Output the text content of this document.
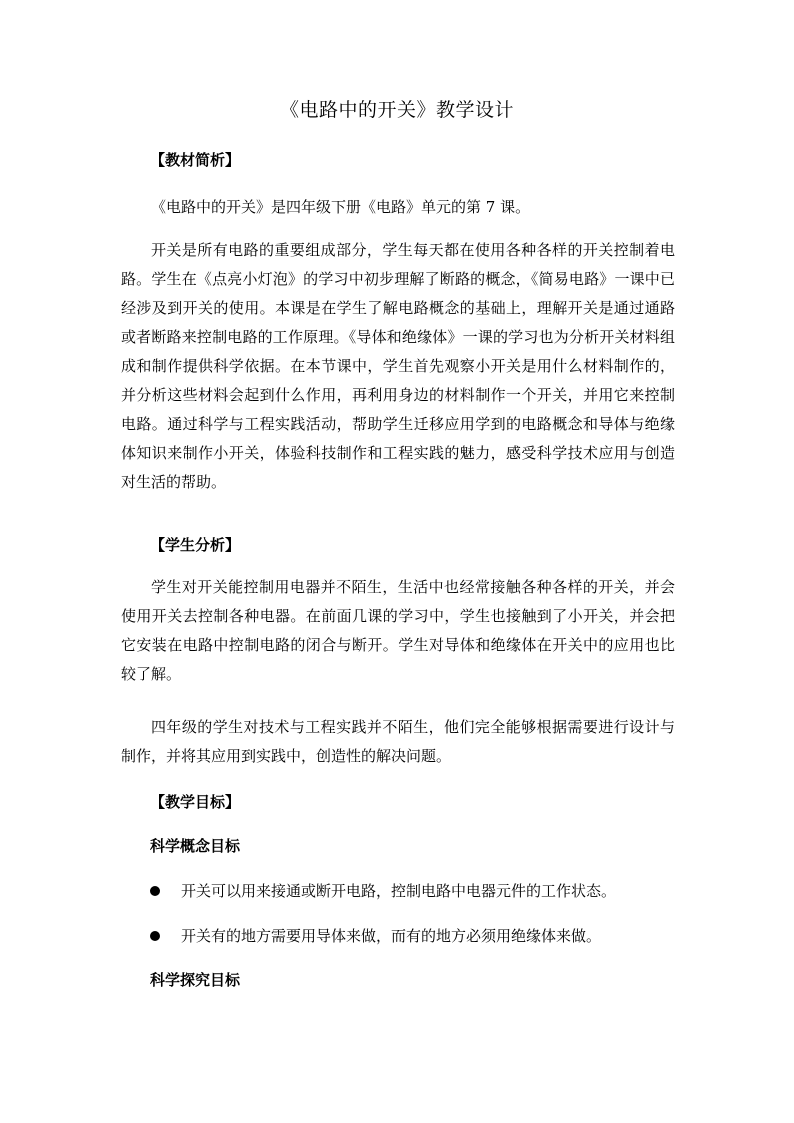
《电路中的开关》教学设计
【教材简析】

《电路中的开关》是四年级下册《电路》单元的第 7 课。

开关是所有电路的重要组成部分，学生每天都在使用各种各样的开关控制着电路。学生在《点亮小灯泡》的学习中初步理解了断路的概念，《简易电路》一课中已经涉及到开关的使用。本课是在学生了解电路概念的基础上，理解开关是通过通路或者断路来控制电路的工作原理。《导体和绝缘体》一课的学习也为分析开关材料组成和制作提供科学依据。在本节课中，学生首先观察小开关是用什么材料制作的，并分析这些材料会起到什么作用，再利用身边的材料制作一个开关，并用它来控制电路。通过科学与工程实践活动，帮助学生迁移应用学到的电路概念和导体与绝缘体知识来制作小开关，体验科技制作和工程实践的魅力，感受科学技术应用与创造对生活的帮助。

【学生分析】

学生对开关能控制用电器并不陌生，生活中也经常接触各种各样的开关，并会使用开关去控制各种电器。在前面几课的学习中，学生也接触到了小开关，并会把它安装在电路中控制电路的闭合与断开。学生对导体和绝缘体在开关中的应用也比较了解。

四年级的学生对技术与工程实践并不陌生，他们完全能够根据需要进行设计与制作，并将其应用到实践中，创造性的解决问题。

【教学目标】
科学概念目标
开关可以用来接通或断开电路，控制电路中电器元件的工作状态。
开关有的地方需要用导体来做，而有的地方必须用绝缘体来做。
科学探究目标
